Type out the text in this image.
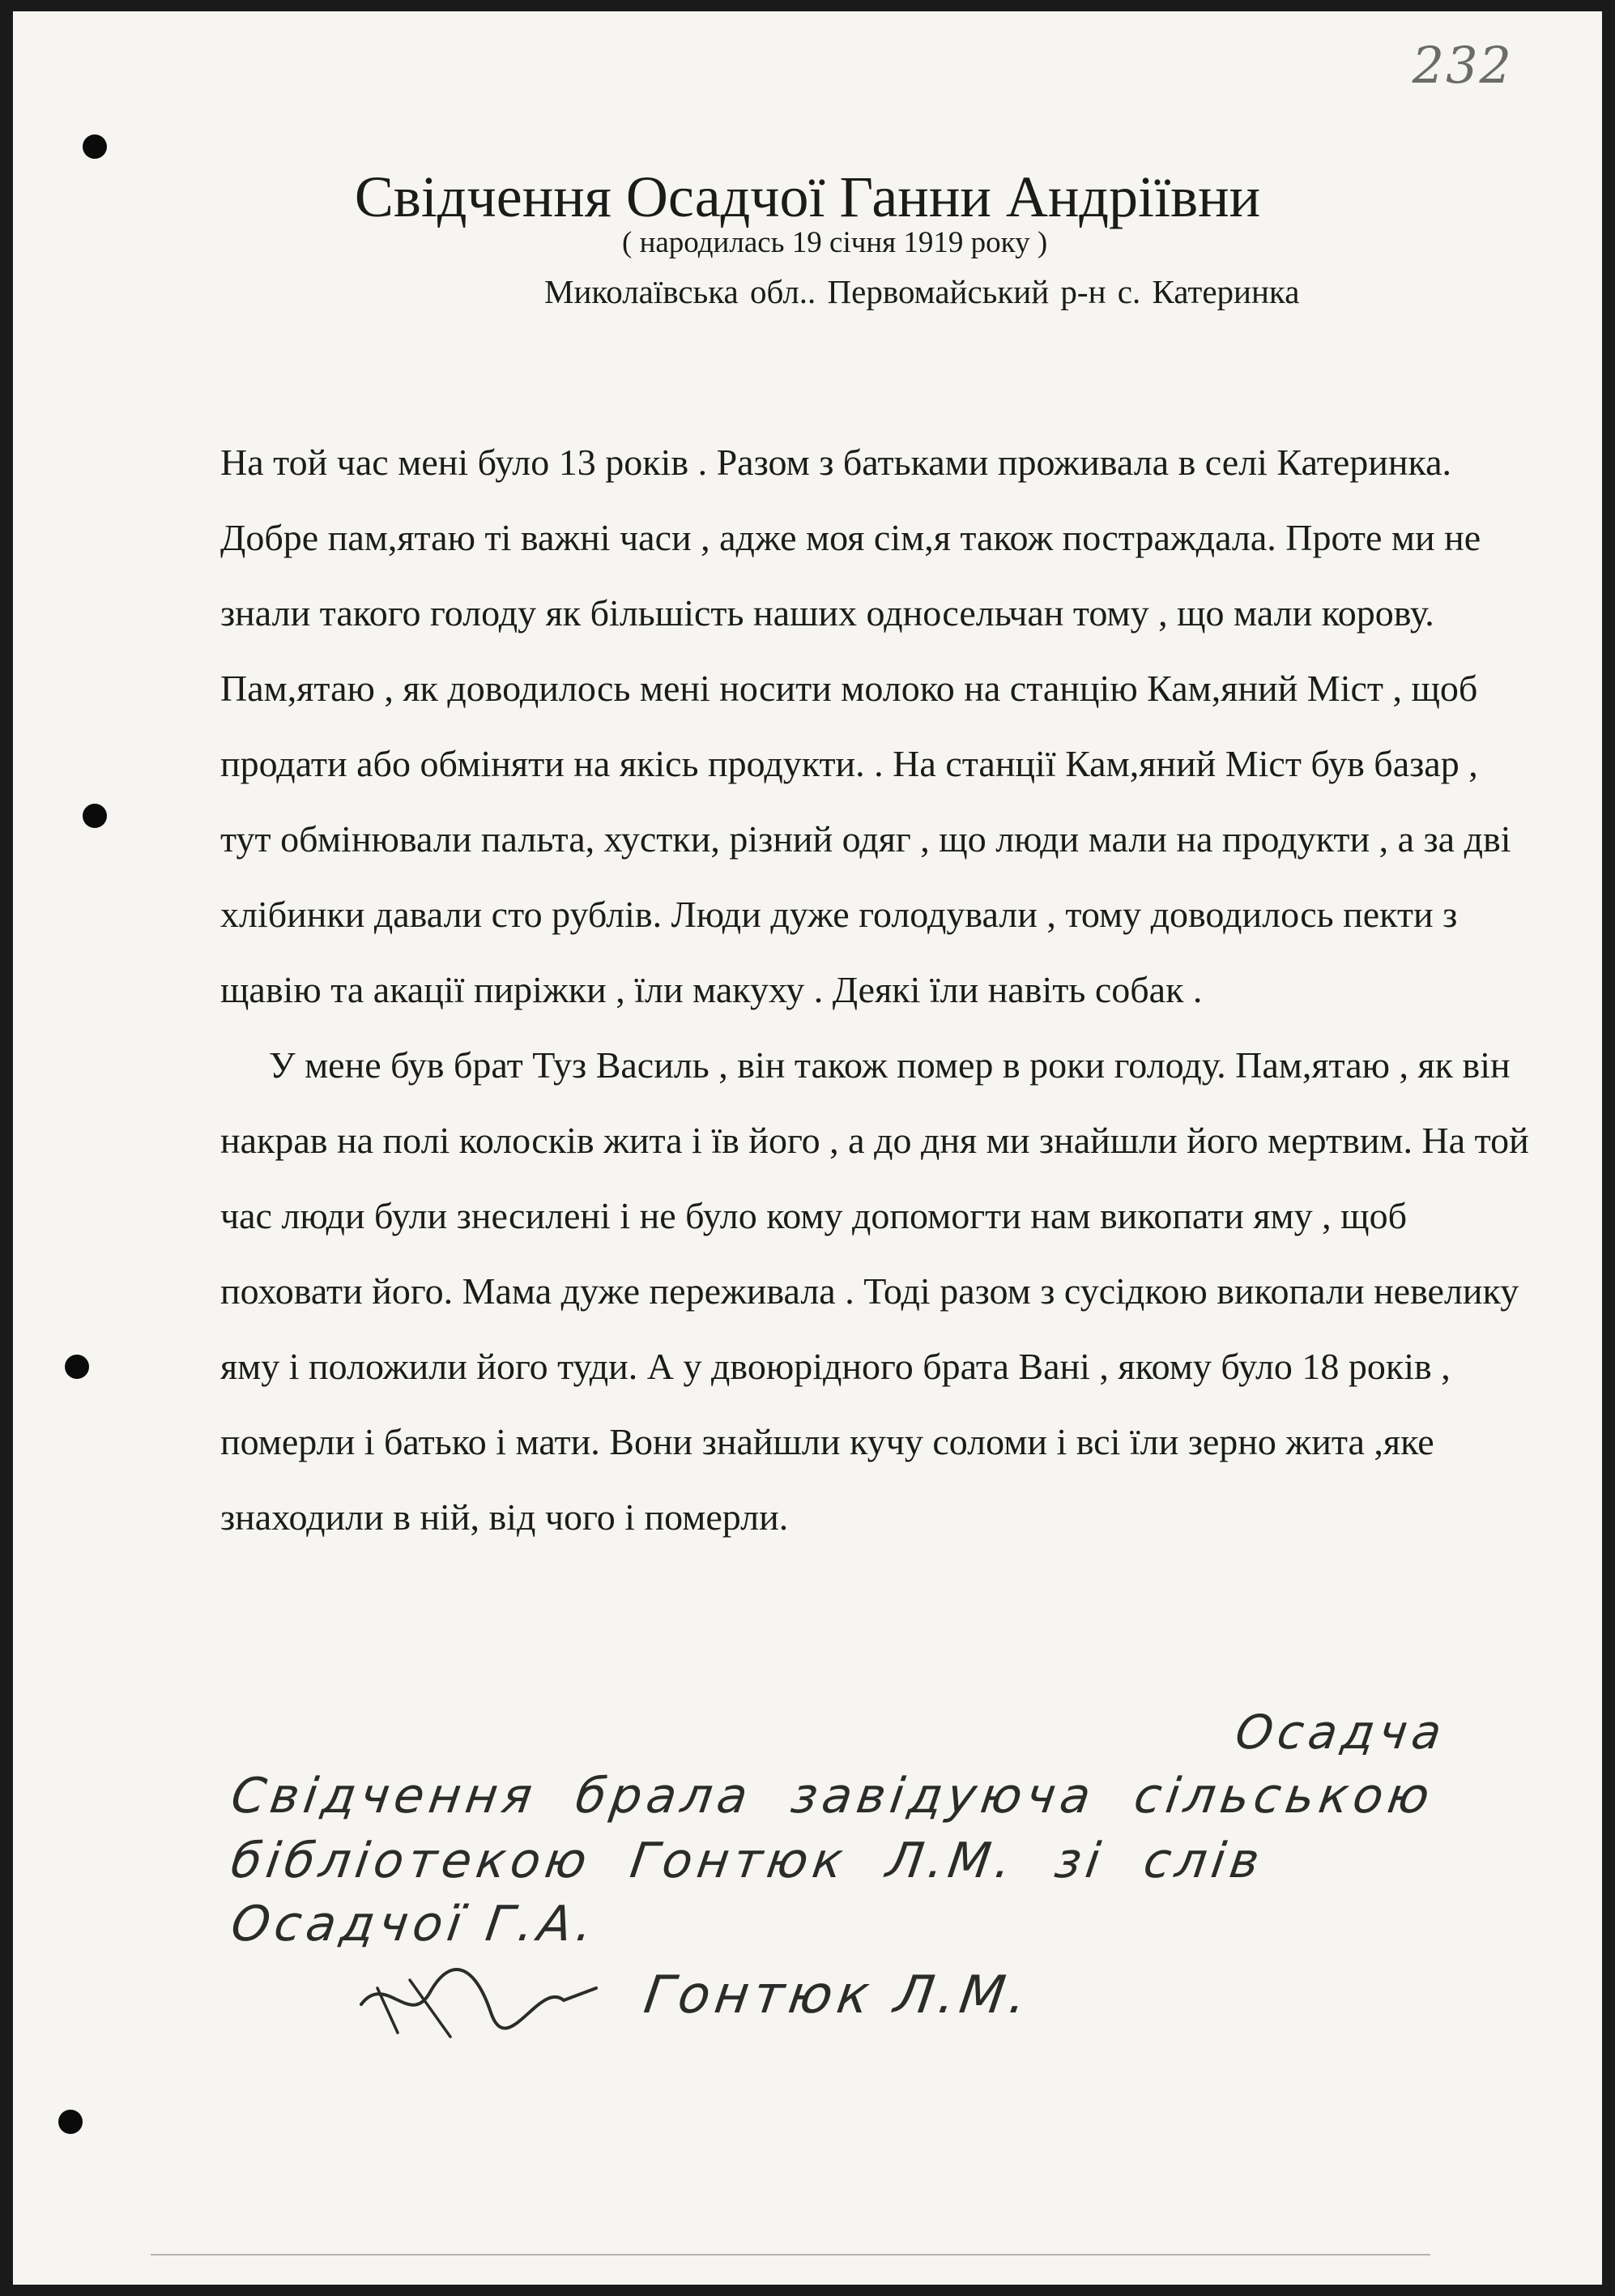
232
Свідчення Осадчої Ганни Андріївни
( народилась 19 січня 1919 року )
Миколаївська обл.. Первомайський р-н с. Катеринка

На той час мені було 13 років . Разом з батьками проживала в селі Катеринка. Добре пам,ятаю ті важні часи , адже моя сім,я також постраждала. Проте ми не знали такого голоду як більшість наших односельчан тому , що мали корову. Пам,ятаю , як доводилось мені носити молоко на станцію Кам,яний Міст , щоб продати або обміняти на якісь продукти. . На станції Кам,яний Міст був базар , тут обмінювали пальта, хустки, різний одяг , що люди мали на продукти , а за дві хлібинки давали сто рублів. Люди дуже голодували , тому доводилось пекти з щавію та акації пиріжки , їли макуху . Деякі їли навіть собак .

У мене був брат Туз Василь , він також помер в роки голоду. Пам,ятаю , як він накрав на полі колосків жита і їв його , а до дня ми знайшли його мертвим. На той час люди були знесилені і не було кому допомогти нам викопати яму , щоб поховати його. Мама дуже переживала . Тоді разом з сусідкою викопали невелику яму і положили його туди. А у двоюрідного брата Вані , якому було 18 років , померли і батько і мати. Вони знайшли кучу соломи і всі їли зерно жита ,яке знаходили в ній, від чого і померли.

Осадча
Свідчення брала завідуюча сільською
бібліотекою Гонтюк Л.М. зі слів
Осадчої Г.А.
Гонтюк Л.М.
